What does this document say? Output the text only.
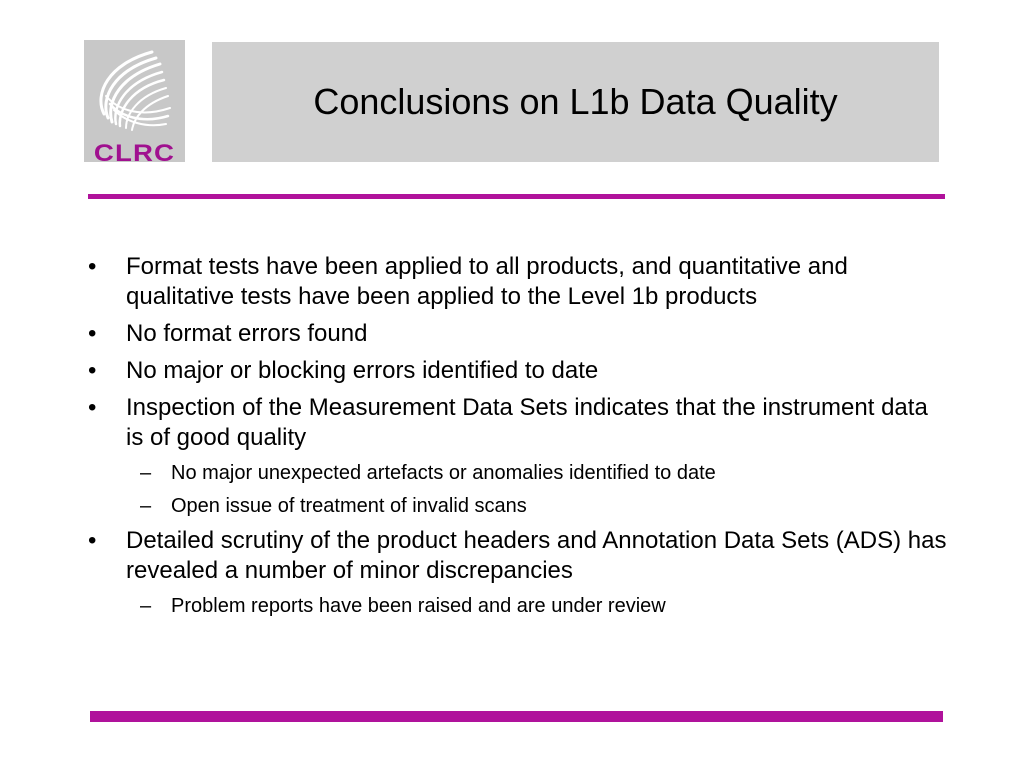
CLRC
Conclusions on L1b Data Quality
•	Format tests have been applied to all products, and quantitative and qualitative tests have been applied to the Level 1b products
•	No format errors found
•	No major or blocking errors identified to date
•	Inspection of the Measurement Data Sets indicates that the instrument data is of good quality
– No major unexpected artefacts or anomalies identified to date
– Open issue of treatment of invalid scans
•	Detailed scrutiny of the product headers and Annotation Data Sets (ADS) has revealed a number of minor discrepancies
– Problem reports have been raised and are under review
